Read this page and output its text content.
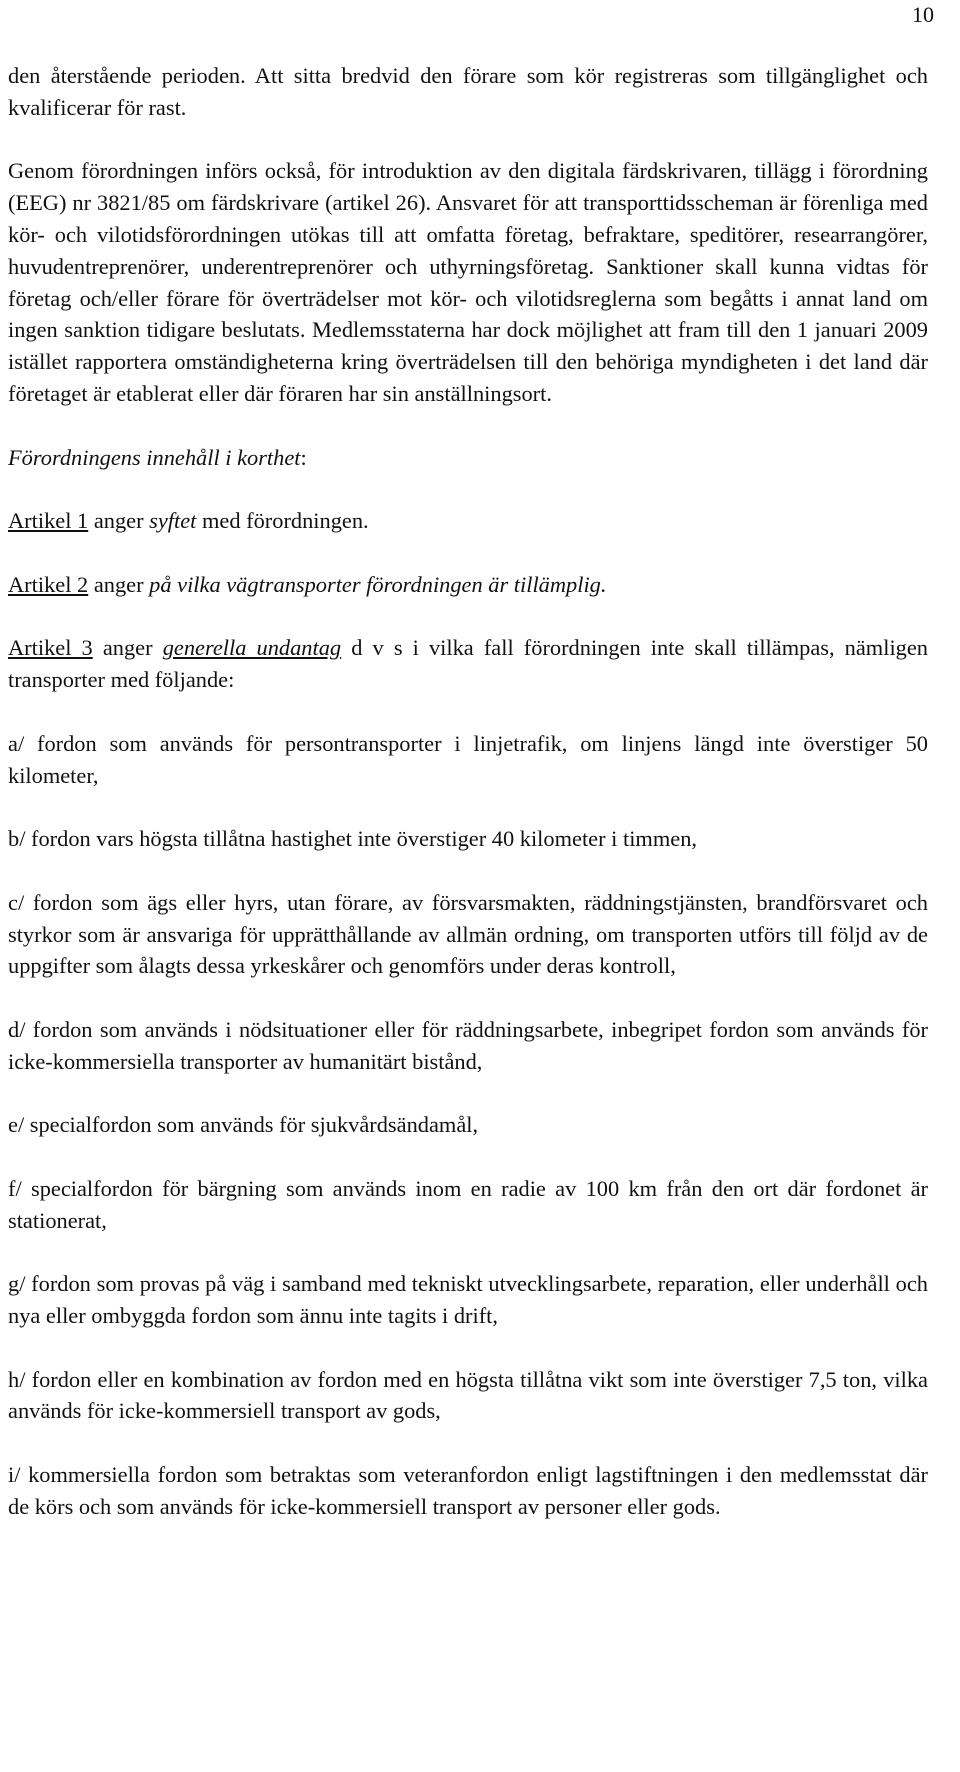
10

den återstående perioden. Att sitta bredvid den förare som kör registreras som tillgänglighet och kvalificerar för rast.

Genom förordningen införs också, för introduktion av den digitala färdskrivaren, tillägg i förordning (EEG) nr 3821/85 om färdskrivare (artikel 26). Ansvaret för att transporttidsscheman är förenliga med kör- och vilotidsförordningen utökas till att omfatta företag, befraktare, speditörer, researrangörer, huvudentreprenörer, underentreprenörer och uthyrningsföretag. Sanktioner skall kunna vidtas för företag och/eller förare för överträdelser mot kör- och vilotidsreglerna som begåtts i annat land om ingen sanktion tidigare beslutats. Medlemsstaterna har dock möjlighet att fram till den 1 januari 2009 istället rapportera omständigheterna kring överträdelsen till den behöriga myndigheten i det land där företaget är etablerat eller där föraren har sin anställningsort.

Förordningens innehåll i korthet:

Artikel 1 anger syftet med förordningen.

Artikel 2 anger på vilka vägtransporter förordningen är tillämplig.

Artikel 3 anger generella undantag d v s i vilka fall förordningen inte skall tillämpas, nämligen transporter med följande:

a/ fordon som används för persontransporter i linjetrafik, om linjens längd inte överstiger 50 kilometer,

b/ fordon vars högsta tillåtna hastighet inte överstiger 40 kilometer i timmen,

c/ fordon som ägs eller hyrs, utan förare, av försvarsmakten, räddningstjänsten, brandförsvaret och styrkor som är ansvariga för upprätthållande av allmän ordning, om transporten utförs till följd av de uppgifter som ålagts dessa yrkeskårer och genomförs under deras kontroll,

d/ fordon som används i nödsituationer eller för räddningsarbete, inbegripet fordon som används för icke-kommersiella transporter av humanitärt bistånd,

e/ specialfordon som används för sjukvårdsändamål,

f/ specialfordon för bärgning som används inom en radie av 100 km från den ort där fordonet är stationerat,

g/ fordon som provas på väg i samband med tekniskt utvecklingsarbete, reparation, eller underhåll och nya eller ombyggda fordon som ännu inte tagits i drift,

h/ fordon eller en kombination av fordon med en högsta tillåtna vikt som inte överstiger 7,5 ton, vilka används för icke-kommersiell transport av gods,

i/ kommersiella fordon som betraktas som veteranfordon enligt lagstiftningen i den medlemsstat där de körs och som används för icke-kommersiell transport av personer eller gods.
